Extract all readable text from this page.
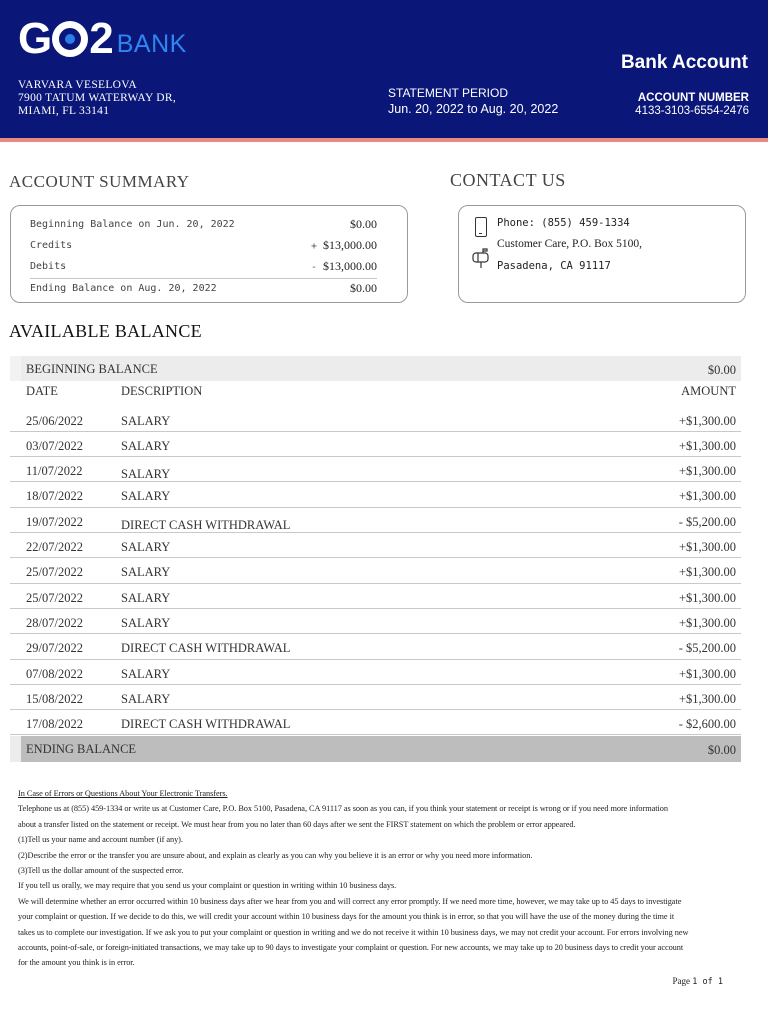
G 2 BANK
Bank Account
VARVARA VESELOVA
7900 TATUM WATERWAY DR,
MIAMI, FL 33141
STATEMENT PERIOD
Jun. 20, 2022 to Aug. 20, 2022
ACCOUNT NUMBER
4133-3103-6554-2476
ACCOUNT SUMMARY
Beginning Balance on Jun. 20, 2022	$0.00
Credits	+ $13,000.00
Debits	- $13,000.00
Ending Balance on Aug. 20, 2022	$0.00
CONTACT US
Phone: (855) 459-1334
Customer Care, P.O. Box 5100,
Pasadena, CA 91117
AVAILABLE BALANCE
BEGINNING BALANCE	$0.00
DATE	DESCRIPTION	AMOUNT
25/06/2022	SALARY	+$1,300.00
03/07/2022	SALARY	+$1,300.00
11/07/2022	SALARY	+$1,300.00
18/07/2022	SALARY	+$1,300.00
19/07/2022	DIRECT CASH WITHDRAWAL	- $5,200.00
22/07/2022	SALARY	+$1,300.00
25/07/2022	SALARY	+$1,300.00
25/07/2022	SALARY	+$1,300.00
28/07/2022	SALARY	+$1,300.00
29/07/2022	DIRECT CASH WITHDRAWAL	- $5,200.00
07/08/2022	SALARY	+$1,300.00
15/08/2022	SALARY	+$1,300.00
17/08/2022	DIRECT CASH WITHDRAWAL	- $2,600.00
ENDING BALANCE	$0.00
In Case of Errors or Questions About Your Electronic Transfers.
Telephone us at (855) 459-1334 or write us at Customer Care, P.O. Box 5100, Pasadena, CA 91117 as soon as you can, if you think your statement or receipt is wrong or if you need more information
about a transfer listed on the statement or receipt. We must hear from you no later than 60 days after we sent the FIRST statement on which the problem or error appeared.
(1)Tell us your name and account number (if any).
(2)Describe the error or the transfer you are unsure about, and explain as clearly as you can why you believe it is an error or why you need more information.
(3)Tell us the dollar amount of the suspected error.
If you tell us orally, we may require that you send us your complaint or question in writing within 10 business days.
We will determine whether an error occurred within 10 business days after we hear from you and will correct any error promptly. If we need more time, however, we may take up to 45 days to investigate
your complaint or question. If we decide to do this, we will credit your account within 10 business days for the amount you think is in error, so that you will have the use of the money during the time it
takes us to complete our investigation. If we ask you to put your complaint or question in writing and we do not receive it within 10 business days, we may not credit your account. For errors involving new
accounts, point-of-sale, or foreign-initiated transactions, we may take up to 90 days to investigate your complaint or question. For new accounts, we may take up to 20 business days to credit your account
for the amount you think is in error.
Page 1 of 1
